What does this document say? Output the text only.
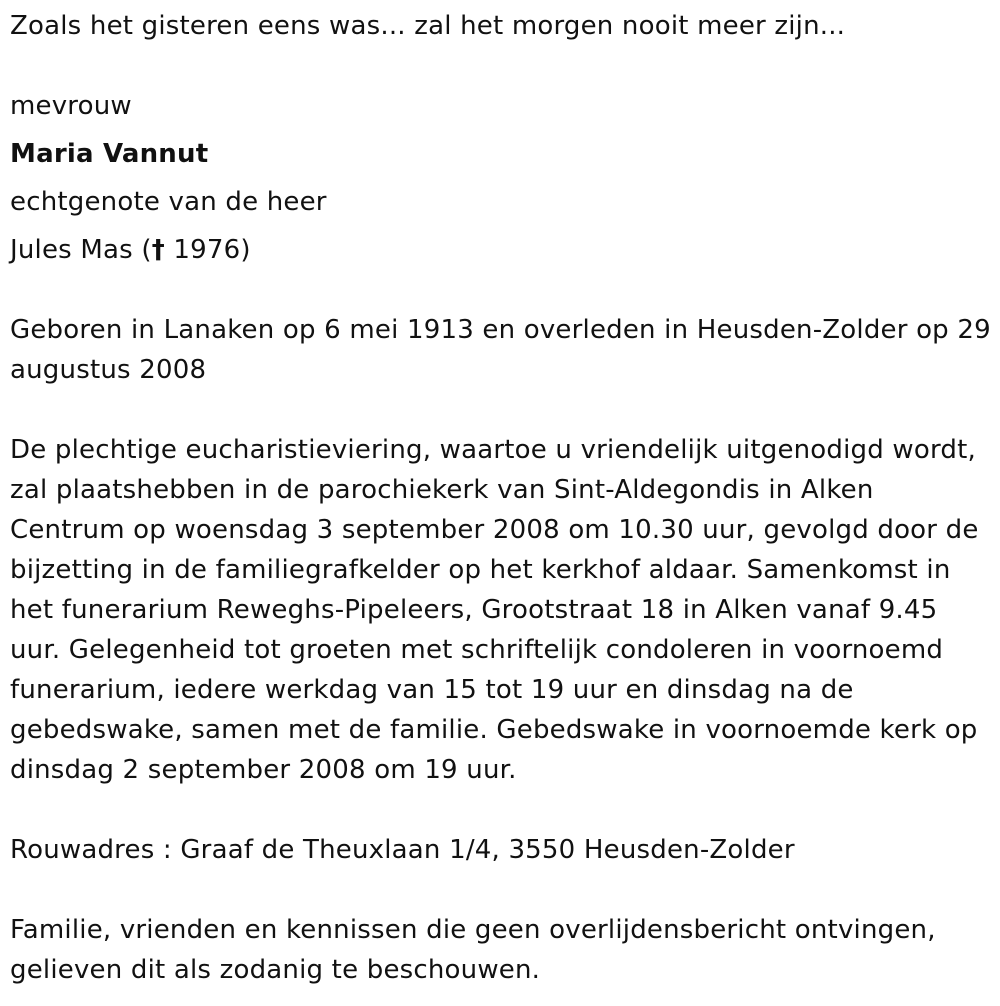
Zoals het gisteren eens was... zal het morgen nooit meer zijn...
mevrouw
Maria Vannut
echtgenote van de heer
Jules Mas († 1976)
Geboren in Lanaken op 6 mei 1913 en overleden in Heusden-Zolder op 29
augustus 2008
De plechtige eucharistieviering, waartoe u vriendelijk uitgenodigd wordt,
zal plaatshebben in de parochiekerk van Sint-Aldegondis in Alken
Centrum op woensdag 3 september 2008 om 10.30 uur, gevolgd door de
bijzetting in de familiegrafkelder op het kerkhof aldaar. Samenkomst in
het funerarium Reweghs-Pipeleers, Grootstraat 18 in Alken vanaf 9.45
uur. Gelegenheid tot groeten met schriftelijk condoleren in voornoemd
funerarium, iedere werkdag van 15 tot 19 uur en dinsdag na de
gebedswake, samen met de familie. Gebedswake in voornoemde kerk op
dinsdag 2 september 2008 om 19 uur.
Rouwadres : Graaf de Theuxlaan 1/4, 3550 Heusden-Zolder
Familie, vrienden en kennissen die geen overlijdensbericht ontvingen,
gelieven dit als zodanig te beschouwen.
